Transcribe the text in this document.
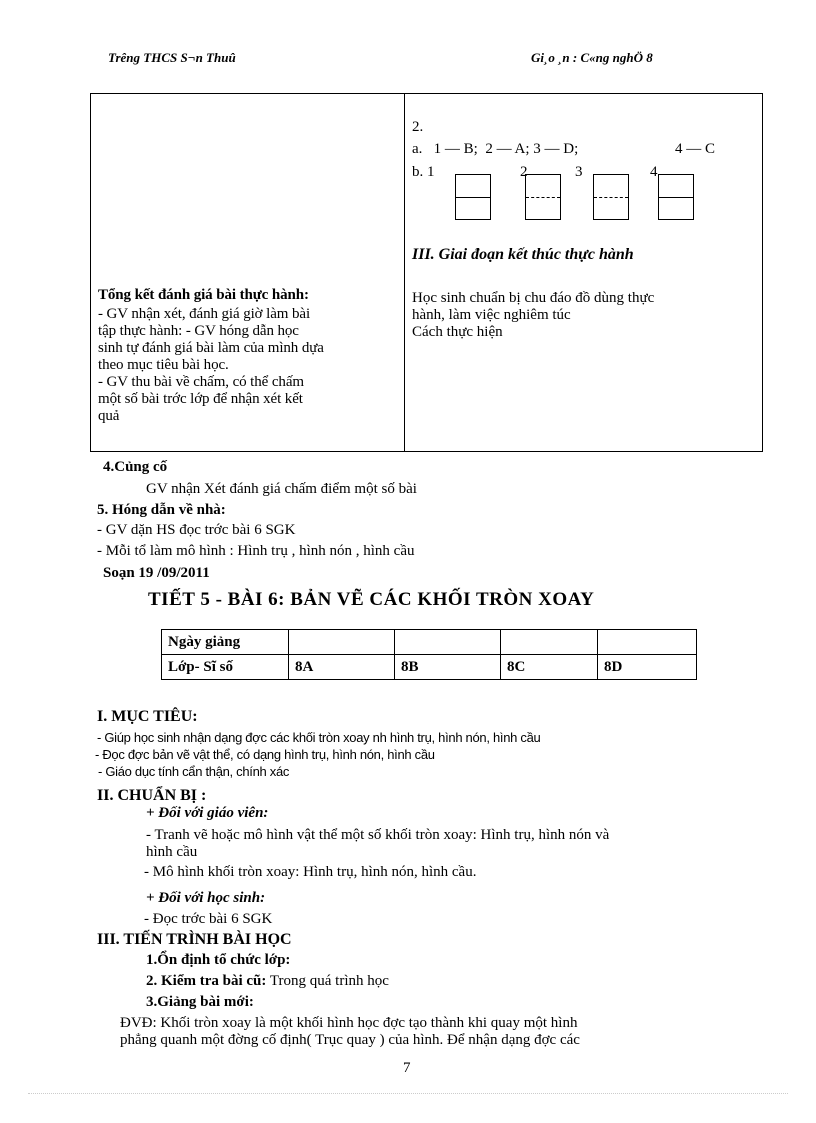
Trêng THCS S¬n Thuû	Gi¸o ¸n : C«ng nghÖ 8
Tổng kết đánh giá bài thực hành:
- GV nhận xét, đánh giá giờ làm bài
tập thực hành: - GV hóng dẫn học
sinh tự đánh giá bài làm của mình dựa
theo mục tiêu bài học.
- GV thu bài về chấm, có thể chấm
một số bài trớc lớp để nhận xét kết
quả

2.
a.   1 — B;  2 — A; 3 — D;	4 — C
b. 1	2	3	4
III. Giai đoạn kết thúc thực hành
Học sinh chuẩn bị chu đáo đồ dùng thực
hành, làm việc nghiêm túc
Cách thực hiện
4.Củng cố
GV nhận Xét đánh giá chấm điểm một số bài
5. Hóng dẫn về nhà:
- GV dặn HS đọc trớc bài 6 SGK
- Mỗi tổ làm mô hình : Hình trụ , hình nón , hình cầu
Soạn 19 /09/2011
TIẾT 5 - BÀI 6: BẢN VẼ CÁC KHỐI TRÒN XOAY
Ngày giảng				
Lớp- Sĩ số	8A	8B	8C	8D
I. MỤC TIÊU:
- Giúp học sinh nhận dạng đợc các khối tròn xoay nh hình trụ, hình nón, hình cầu
- Đọc đợc bản vẽ vật thể, có dạng hình trụ, hình nón, hình cầu
- Giáo dục tính cẩn thận, chính xác
II. CHUẨN BỊ :
+ Đối với giáo viên:
- Tranh vẽ hoặc mô hình vật thể một số khối tròn xoay: Hình trụ, hình nón và
hình cầu
- Mô hình khối tròn xoay: Hình trụ, hình nón, hình cầu.
+ Đối với học sinh:
- Đọc trớc bài 6 SGK
III. TIẾN TRÌNH BÀI HỌC
1.Ổn định tổ chức lớp:
2. Kiểm tra bài cũ: Trong quá trình học
3.Giảng bài mới:
ĐVĐ: Khối tròn xoay là một khối hình học đợc tạo thành khi quay một hình
phẳng quanh một đờng cố định( Trục quay ) của hình. Để nhận dạng đợc các
7
